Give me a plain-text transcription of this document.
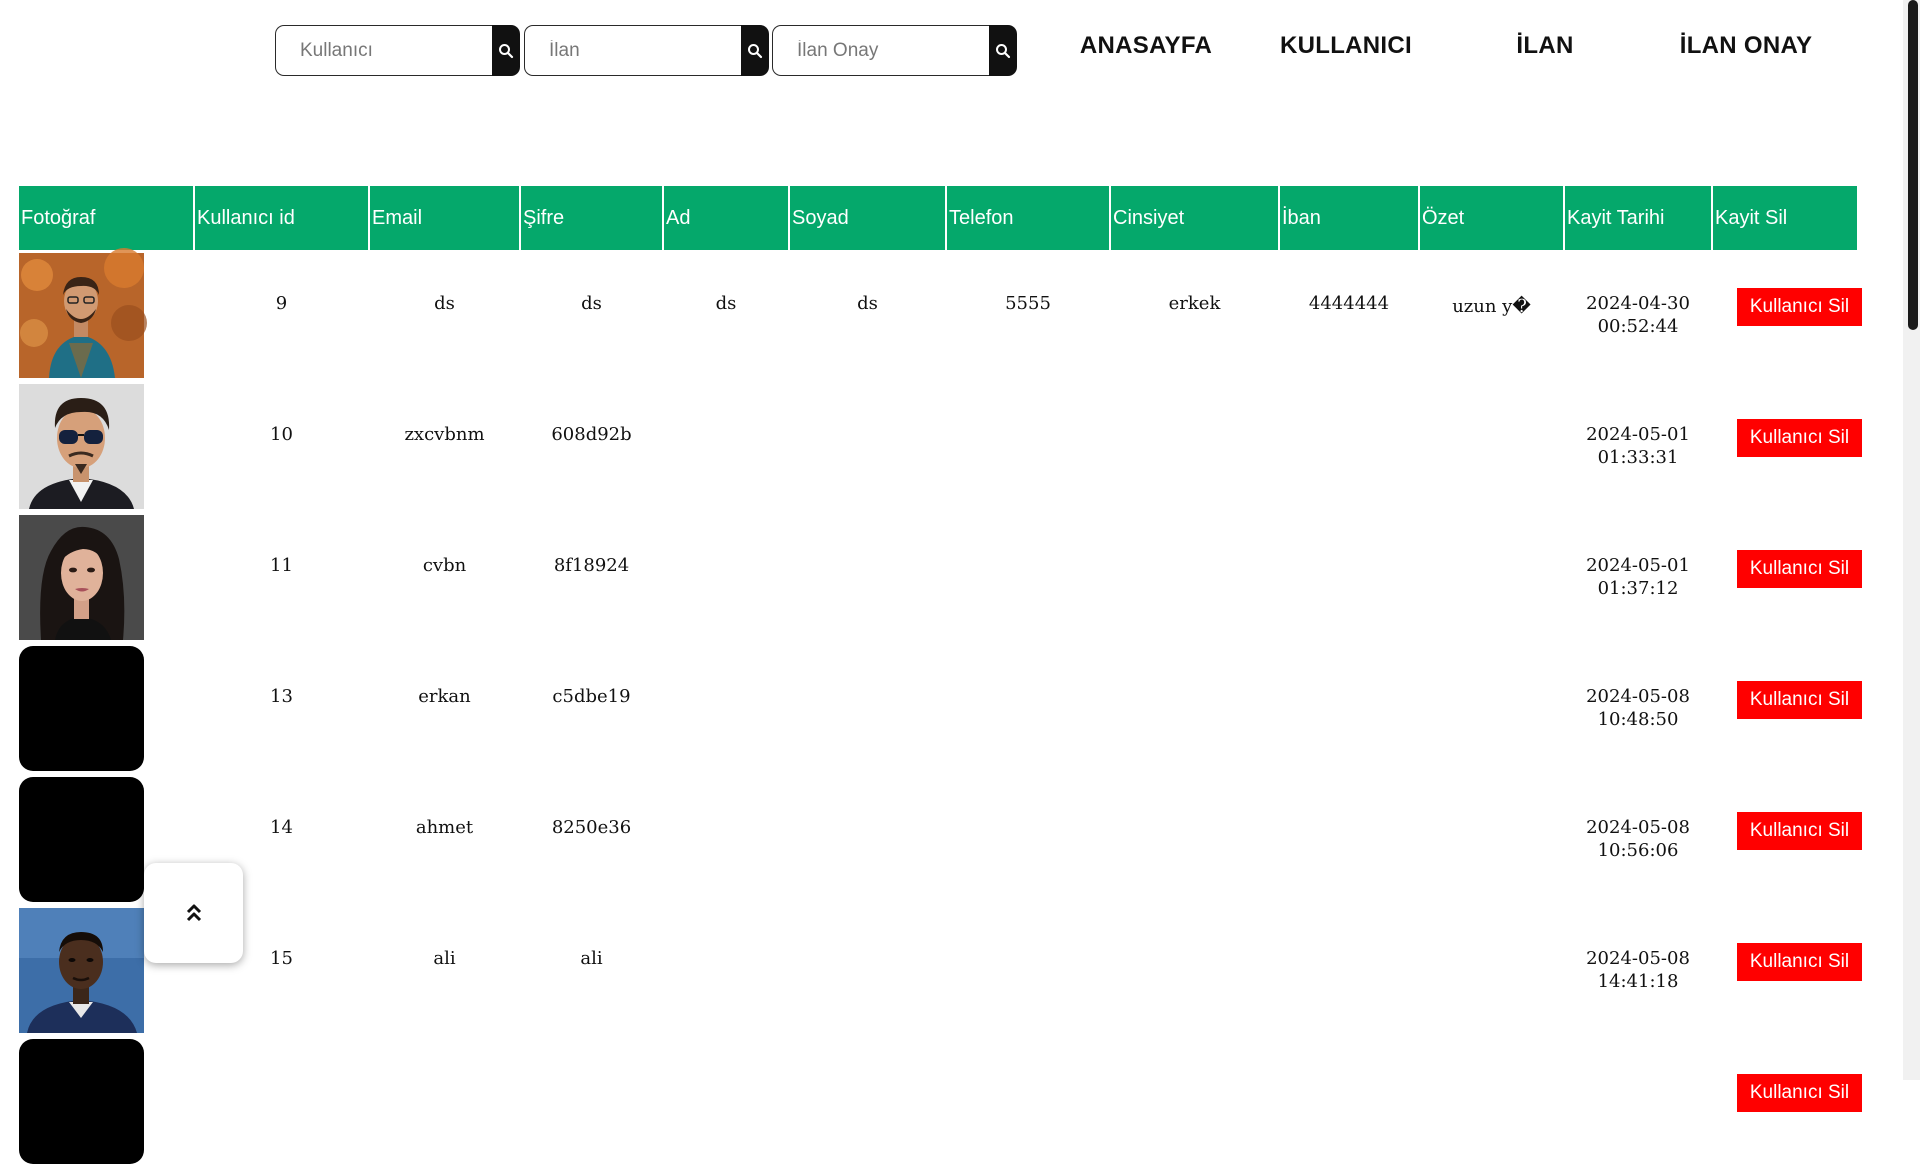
Kullanıcı
İlan
İlan Onay
ANASAYFA	KULLANICI	İLAN	İLAN ONAY
Fotoğraf	Kullanıcı id	Email	Şifre	Ad	Soyad	Telefon	Cinsiyet	İban	Özet	Kayit Tarihi	Kayit Sil

	9	ds	ds	ds	ds	5555	erkek	4444444	uzun y�	2024-04-30
00:52:44	Kullanıcı Sil

	10	zxcvbnm	608d92b							2024-05-01
01:33:31	Kullanıcı Sil

	11	cvbn	8f18924							2024-05-01
01:37:12	Kullanıcı Sil

	13	erkan	c5dbe19							2024-05-08
10:48:50	Kullanıcı Sil

	14	ahmet	8250e36							2024-05-08
10:56:06	Kullanıcı Sil

	15	ali	ali							2024-05-08
14:41:18	Kullanıcı Sil

											Kullanıcı Sil
